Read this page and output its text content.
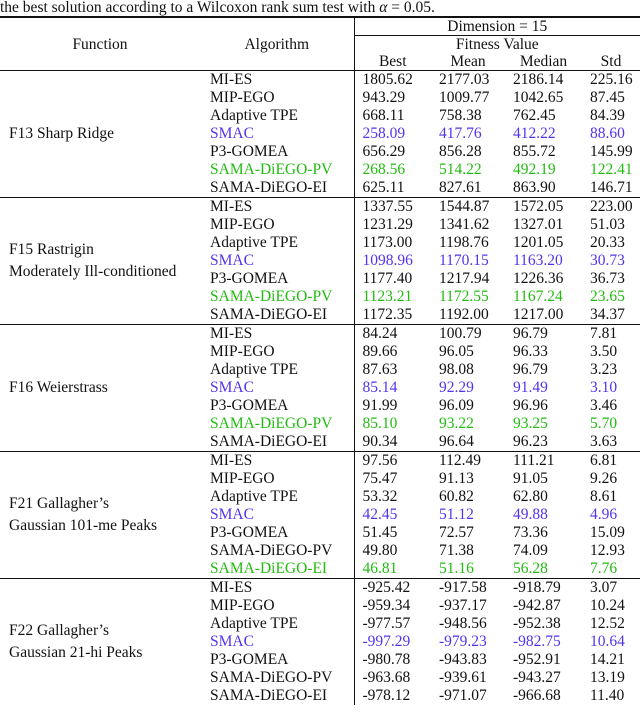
the best solution according to a Wilcoxon rank sum test with α = 0.05.
Function	Algorithm	Dimension = 15			
		Fitness Value			
		Best	Mean	Median	Std

F13 Sharp Ridge	MI-ES	1805.62	2177.03	2186.14	225.16
	MIP-EGO	943.29	1009.77	1042.65	87.45
	Adaptive TPE	668.11	758.38	762.45	84.39
	SMAC	258.09	417.76	412.22	88.60
	P3-GOMEA	656.29	856.28	855.72	145.99
	SAMA-DiEGO-PV	268.56	514.22	492.19	122.41
	SAMA-DiEGO-EI	625.11	827.61	863.90	146.71

F15 Rastrigin
Moderately Ill-conditioned	MI-ES	1337.55	1544.87	1572.05	223.00
	MIP-EGO	1231.29	1341.62	1327.01	51.03
	Adaptive TPE	1173.00	1198.76	1201.05	20.33
	SMAC	1098.96	1170.15	1163.20	30.73
	P3-GOMEA	1177.40	1217.94	1226.36	36.73
	SAMA-DiEGO-PV	1123.21	1172.55	1167.24	23.65
	SAMA-DiEGO-EI	1172.35	1192.00	1217.00	34.37

F16 Weierstrass	MI-ES	84.24	100.79	96.79	7.81
	MIP-EGO	89.66	96.05	96.33	3.50
	Adaptive TPE	87.63	98.08	96.79	3.23
	SMAC	85.14	92.29	91.49	3.10
	P3-GOMEA	91.99	96.09	96.96	3.46
	SAMA-DiEGO-PV	85.10	93.22	93.25	5.70
	SAMA-DiEGO-EI	90.34	96.64	96.23	3.63

F21 Gallagher’s
Gaussian 101-me Peaks	MI-ES	97.56	112.49	111.21	6.81
	MIP-EGO	75.47	91.13	91.05	9.26
	Adaptive TPE	53.32	60.82	62.80	8.61
	SMAC	42.45	51.12	49.88	4.96
	P3-GOMEA	51.45	72.57	73.36	15.09
	SAMA-DiEGO-PV	49.80	71.38	74.09	12.93
	SAMA-DiEGO-EI	46.81	51.16	56.28	7.76

F22 Gallagher’s
Gaussian 21-hi Peaks	MI-ES	-925.42	-917.58	-918.79	3.07
	MIP-EGO	-959.34	-937.17	-942.87	10.24
	Adaptive TPE	-977.57	-948.56	-952.38	12.52
	SMAC	-997.29	-979.23	-982.75	10.64
	P3-GOMEA	-980.78	-943.83	-952.91	14.21
	SAMA-DiEGO-PV	-963.68	-939.61	-943.27	13.19
	SAMA-DiEGO-EI	-978.12	-971.07	-966.68	11.40
